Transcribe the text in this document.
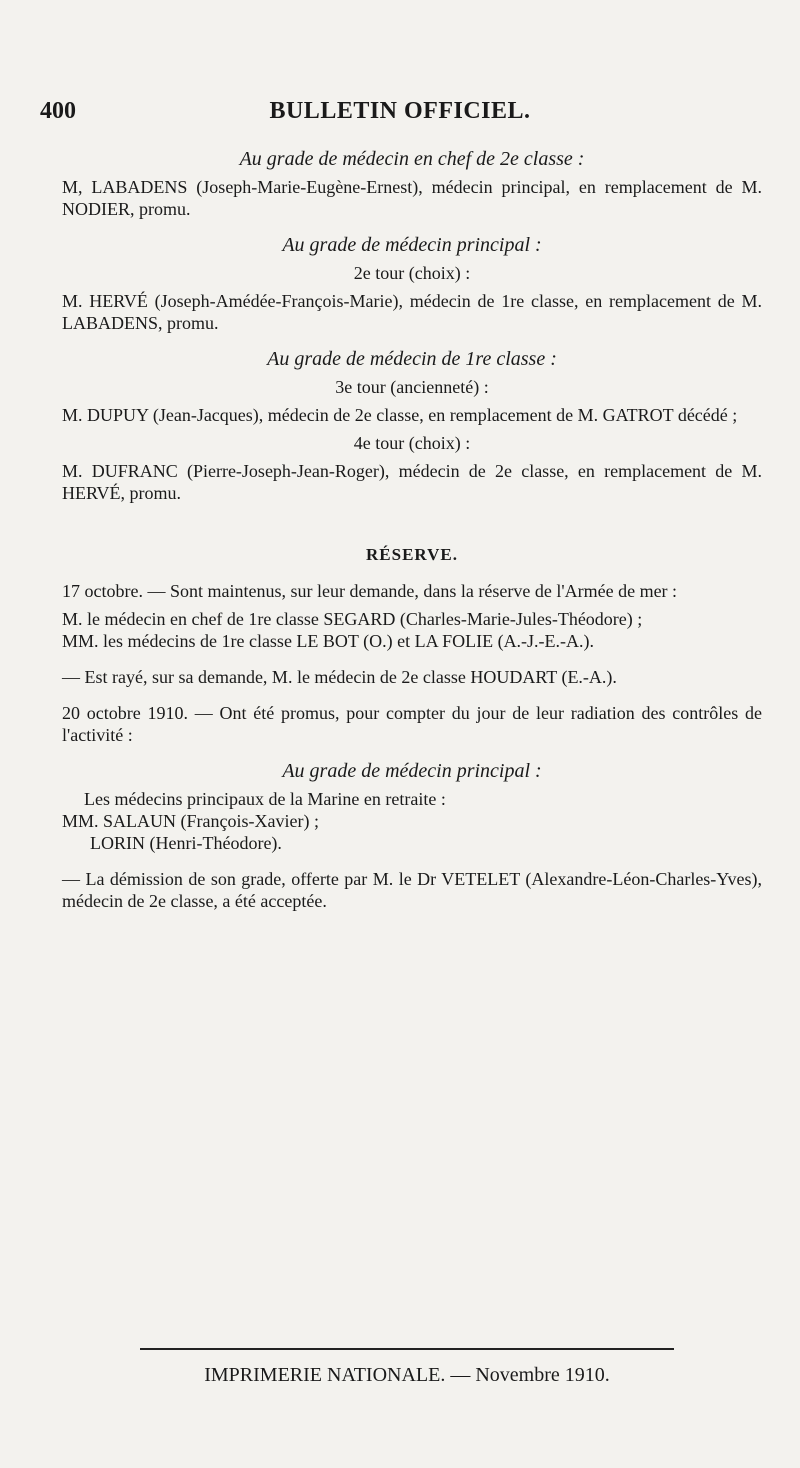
400	BULLETIN OFFICIEL.

Au grade de médecin en chef de 2e classe :

M, LABADENS (Joseph-Marie-Eugène-Ernest), médecin principal, en remplacement de M. NODIER, promu.

Au grade de médecin principal :

2e tour (choix) :

M. HERVÉ (Joseph-Amédée-François-Marie), médecin de 1re classe, en remplacement de M. LABADENS, promu.

Au grade de médecin de 1re classe :

3e tour (ancienneté) :

M. DUPUY (Jean-Jacques), médecin de 2e classe, en remplacement de M. GATROT décédé ;

4e tour (choix) :

M. DUFRANC (Pierre-Joseph-Jean-Roger), médecin de 2e classe, en remplacement de M. HERVÉ, promu.

RÉSERVE.

17 octobre. — Sont maintenus, sur leur demande, dans la réserve de l'Armée de mer :

M. le médecin en chef de 1re classe SEGARD (Charles-Marie-Jules-Théodore) ;

MM. les médecins de 1re classe LE BOT (O.) et LA FOLIE (A.-J.-E.-A.).

— Est rayé, sur sa demande, M. le médecin de 2e classe HOUDART (E.-A.).

20 octobre 1910. — Ont été promus, pour compter du jour de leur radiation des contrôles de l'activité :

Au grade de médecin principal :

Les médecins principaux de la Marine en retraite :

MM. SALAUN (François-Xavier) ;

LORIN (Henri-Théodore).

— La démission de son grade, offerte par M. le Dr VETELET (Alexandre-Léon-Charles-Yves), médecin de 2e classe, a été acceptée.

IMPRIMERIE NATIONALE. — Novembre 1910.
